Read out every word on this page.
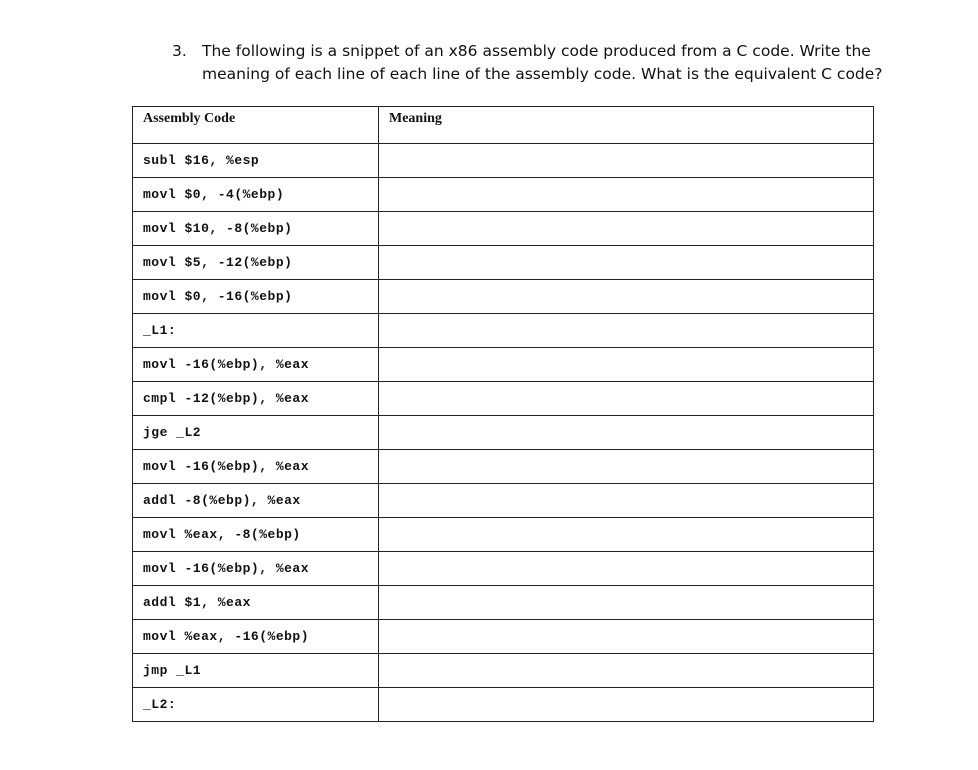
3. The following is a snippet of an x86 assembly code produced from a C code. Write the meaning of each line of each line of the assembly code. What is the equivalent C code?
Assembly Code	Meaning
subl $16, %esp	
movl $0, -4(%ebp)	
movl $10, -8(%ebp)	
movl $5, -12(%ebp)	
movl $0, -16(%ebp)	
_L1:	
movl -16(%ebp), %eax	
cmpl -12(%ebp), %eax	
jge _L2	
movl -16(%ebp), %eax	
addl -8(%ebp), %eax	
movl %eax, -8(%ebp)	
movl -16(%ebp), %eax	
addl $1, %eax	
movl %eax, -16(%ebp)	
jmp _L1	
_L2:	
